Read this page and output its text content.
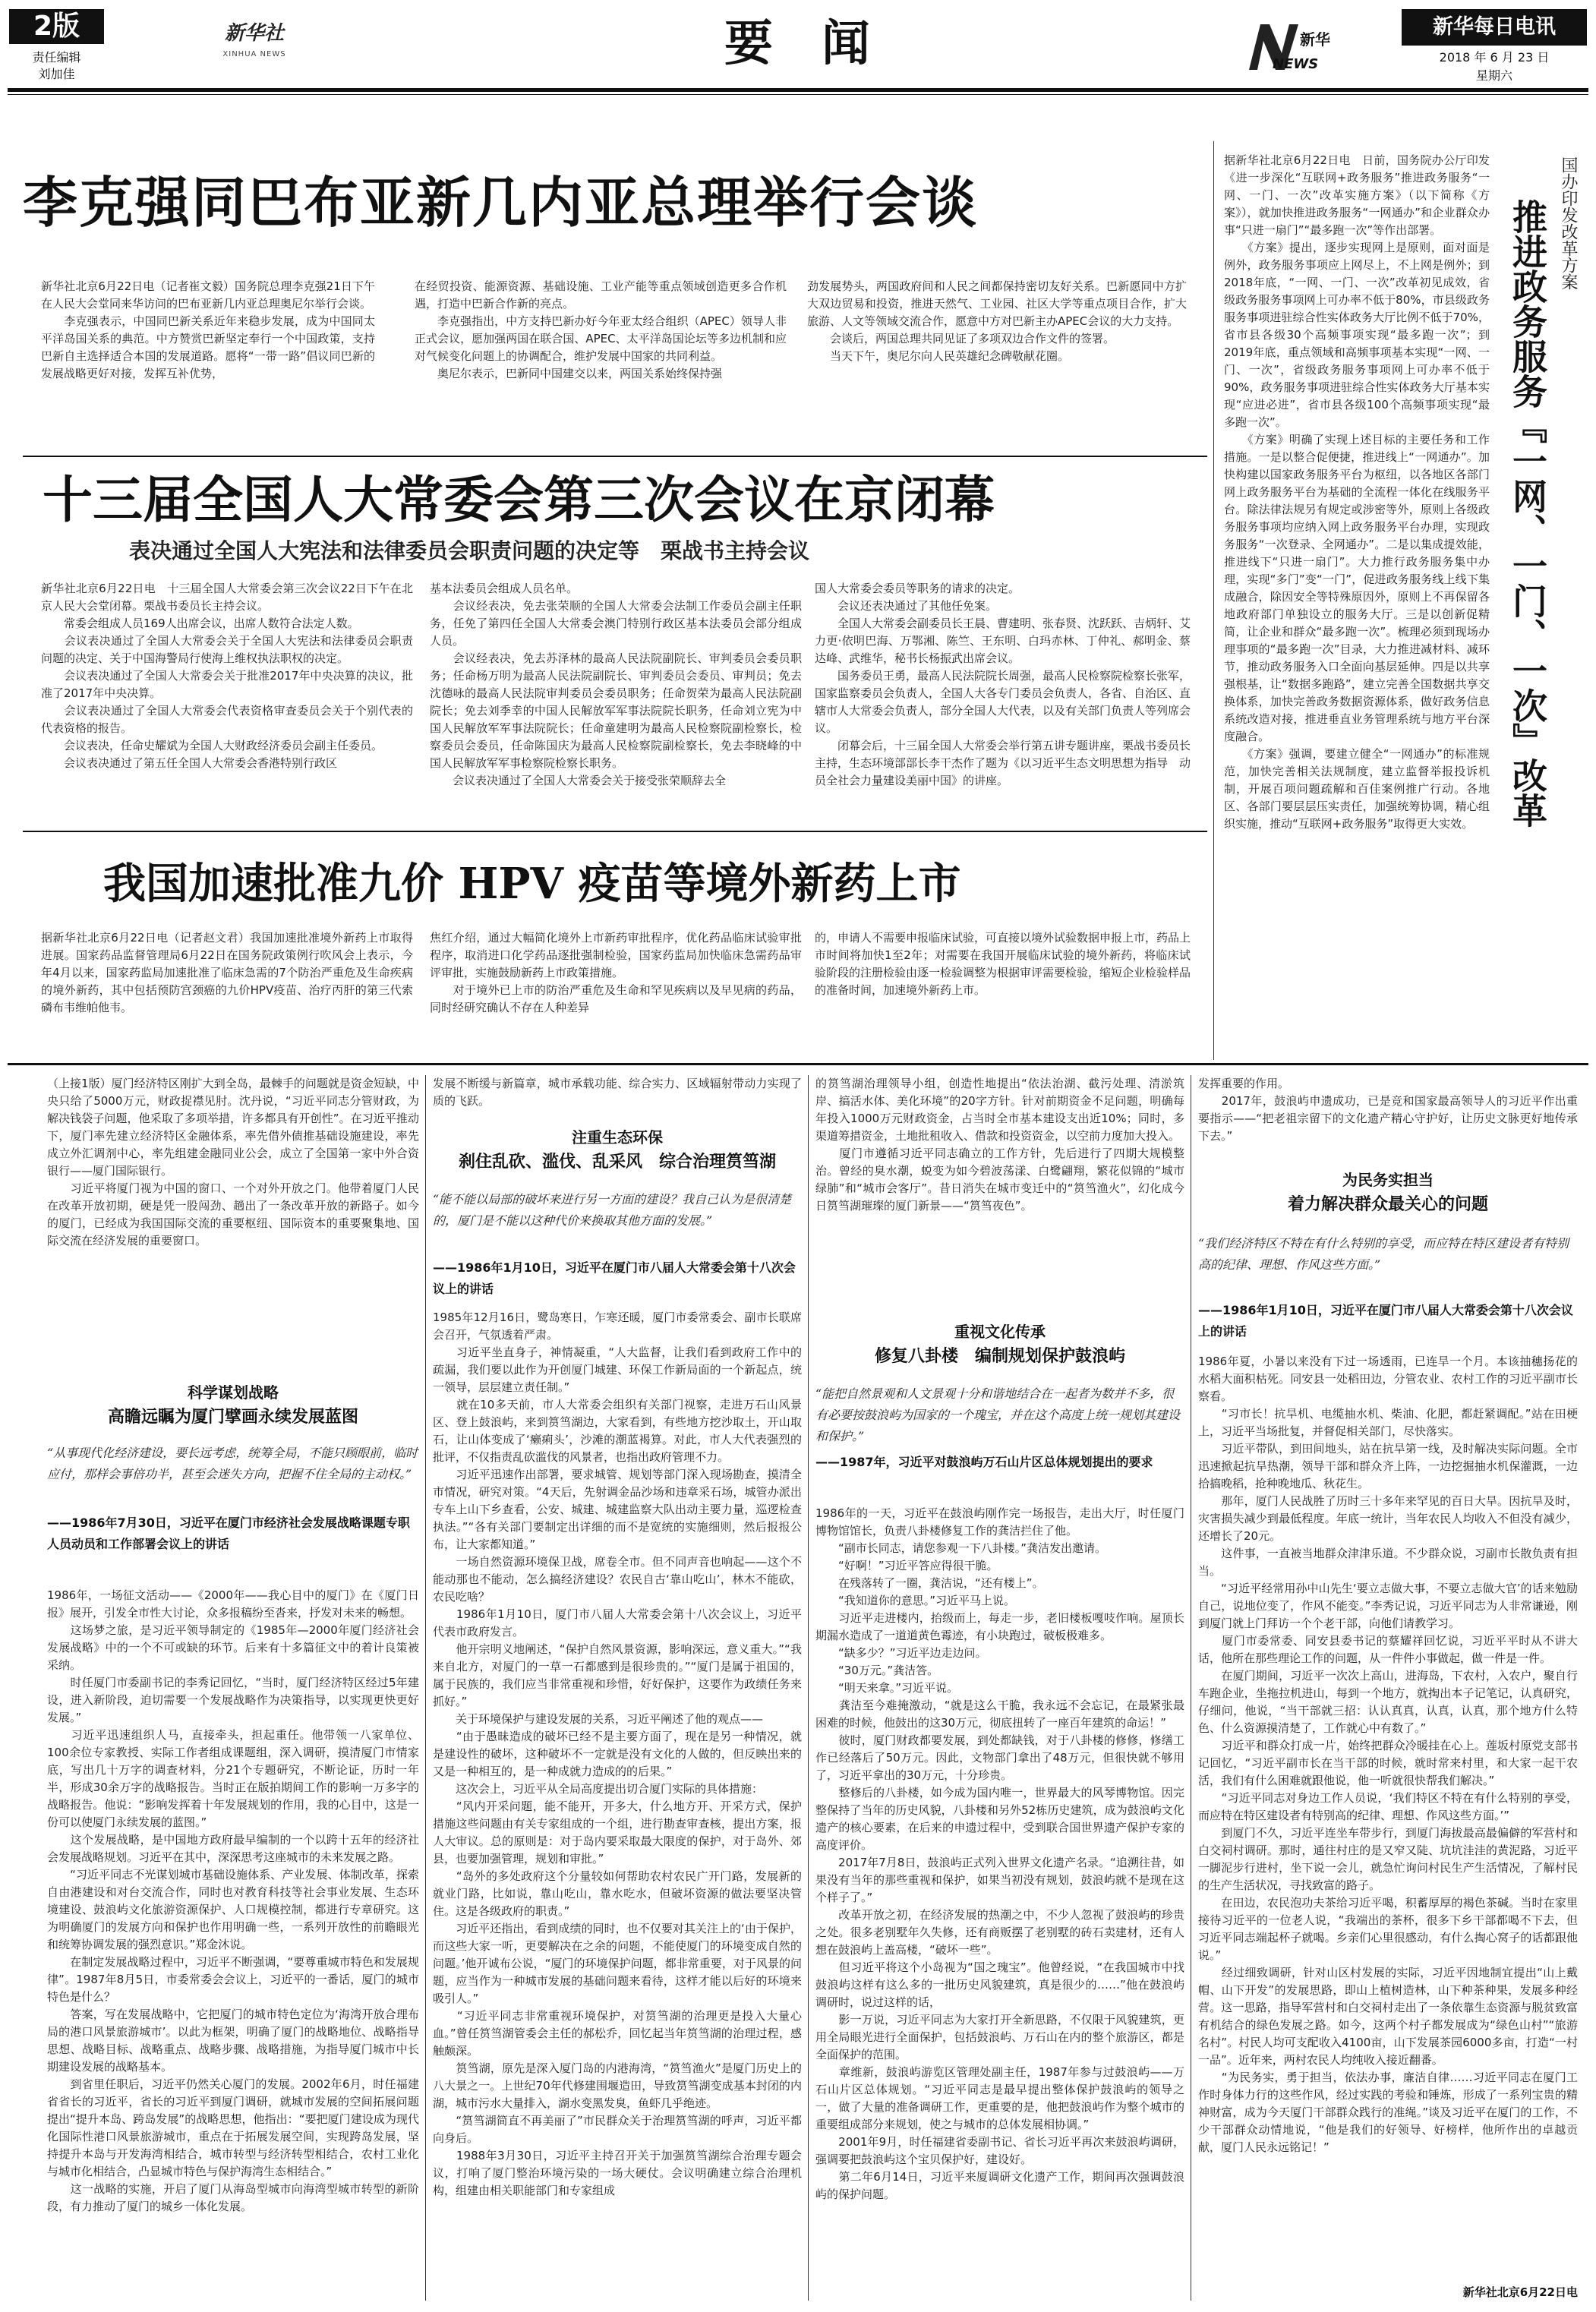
2版
责任编辑
刘加佳
新华社
XINHUA NEWS	要　闻	新华
NEWS
新华每日电讯
2018 年 6 月 23 日
星期六
李克强同巴布亚新几内亚总理举行会谈
新华社北京6月22日电（记者崔文毅）国务院总理李克强21日下午在人民大会堂同来华访问的巴布亚新几内亚总理奥尼尔举行会谈。
　　李克强表示，中国同巴新关系近年来稳步发展，成为中国同太平洋岛国关系的典范。中方赞赏巴新坚定奉行一个中国政策，支持巴新自主选择适合本国的发展道路。愿将“一带一路”倡议同巴新的发展战略更好对接，发挥互补优势，
在经贸投资、能源资源、基础设施、工业产能等重点领域创造更多合作机遇，打造中巴新合作新的亮点。
　　李克强指出，中方支持巴新办好今年亚太经合组织（APEC）领导人非正式会议，愿加强两国在联合国、APEC、太平洋岛国论坛等多边机制和应对气候变化问题上的协调配合，维护发展中国家的共同利益。
　　奥尼尔表示，巴新同中国建交以来，两国关系始终保持强
劲发展势头，两国政府间和人民之间都保持密切友好关系。巴新愿同中方扩大双边贸易和投资，推进天然气、工业园、社区大学等重点项目合作，扩大旅游、人文等领域交流合作，愿意中方对巴新主办APEC会议的大力支持。
　　会谈后，两国总理共同见证了多项双边合作文件的签署。
　　当天下午，奥尼尔向人民英雄纪念碑敬献花圈。
十三届全国人大常委会第三次会议在京闭幕
表决通过全国人大宪法和法律委员会职责问题的决定等　栗战书主持会议
新华社北京6月22日电　十三届全国人大常委会第三次会议22日下午在北京人民大会堂闭幕。栗战书委员长主持会议。
　　常委会组成人员169人出席会议，出席人数符合法定人数。
　　会议表决通过了全国人大常委会关于全国人大宪法和法律委员会职责问题的决定、关于中国海警局行使海上维权执法职权的决定。
　　会议表决通过了全国人大常委会关于批准2017年中央决算的决议，批准了2017年中央决算。
　　会议表决通过了全国人大常委会代表资格审查委员会关于个别代表的代表资格的报告。
　　会议表决，任命史耀斌为全国人大财政经济委员会副主任委员。
　　会议表决通过了第五任全国人大常委会香港特别行政区
基本法委员会组成人员名单。
　　会议经表决，免去张荣顺的全国人大常委会法制工作委员会副主任职务，任免了第四任全国人大常委会澳门特别行政区基本法委员会部分组成人员。
　　会议经表决，免去苏泽林的最高人民法院副院长、审判委员会委员职务；任命杨万明为最高人民法院副院长、审判委员会委员、审判员；免去沈德咏的最高人民法院审判委员会委员职务；任命贺荣为最高人民法院副院长；免去刘季幸的中国人民解放军军事法院院长职务，任命刘立宪为中国人民解放军军事法院院长；任命童建明为最高人民检察院副检察长，检察委员会委员，任命陈国庆为最高人民检察院副检察长，免去李晓峰的中国人民解放军军事检察院检察长职务。
　　会议表决通过了全国人大常委会关于接受张荣顺辞去全
国人大常委会委员等职务的请求的决定。
　　会议还表决通过了其他任免案。
　　全国人大常委会副委员长王晨、曹建明、张春贤、沈跃跃、吉炳轩、艾力更·依明巴海、万鄂湘、陈竺、王东明、白玛赤林、丁仲礼、郝明金、蔡达峰、武维华，秘书长杨振武出席会议。
　　国务委员王勇，最高人民法院院长周强，最高人民检察院检察长张军，国家监察委员会负责人，全国人大各专门委员会负责人，各省、自治区、直辖市人大常委会负责人，部分全国人大代表，以及有关部门负责人等列席会议。
　　闭幕会后，十三届全国人大常委会举行第五讲专题讲座，栗战书委员长主持，生态环境部部长李干杰作了题为《以习近平生态文明思想为指导　动员全社会力量建设美丽中国》的讲座。
我国加速批准九价 HPV 疫苗等境外新药上市
据新华社北京6月22日电（记者赵文君）我国加速批准境外新药上市取得进展。国家药品监督管理局6月22日在国务院政策例行吹风会上表示，今年4月以来，国家药监局加速批准了临床急需的7个防治严重危及生命疾病的境外新药，其中包括预防宫颈癌的九价HPV疫苗、治疗丙肝的第三代索磷布韦维帕他韦。
焦红介绍，通过大幅简化境外上市新药审批程序，优化药品临床试验审批程序，取消进口化学药品逐批强制检验，国家药监局加快临床急需药品审评审批，实施鼓励新药上市政策措施。
　　对于境外已上市的防治严重危及生命和罕见疾病以及早见病的药品，同时经研究确认不存在人种差异
的，申请人不需要申报临床试验，可直接以境外试验数据申报上市，药品上市时间将加快1至2年；对需要在我国开展临床试验的境外新药，将临床试验阶段的注册检验由逐一检验调整为根据审评需要检验，缩短企业检验样品的准备时间，加速境外新药上市。
据新华社北京6月22日电　日前，国务院办公厅印发《进一步深化“互联网+政务服务”推进政务服务“一网、一门、一次”改革实施方案》（以下简称《方案》），就加快推进政务服务“一网通办”和企业群众办事“只进一扇门”“最多跑一次”等作出部署。
　　《方案》提出，逐步实现网上是原则，面对面是例外，政务服务事项应上网尽上，不上网是例外；到2018年底，“一网、一门、一次”改革初见成效，省级政务服务事项网上可办率不低于80%，市县级政务服务事项进驻综合性实体政务大厅比例不低于70%，省市县各级30个高频事项实现“最多跑一次”；到2019年底，重点领域和高频事项基本实现“一网、一门、一次”，省级政务服务事项网上可办率不低于90%，政务服务事项进驻综合性实体政务大厅基本实现“应进必进”，省市县各级100个高频事项实现“最多跑一次”。
　　《方案》明确了实现上述目标的主要任务和工作措施。一是以整合促便捷，推进线上“一网通办”。加快构建以国家政务服务平台为枢纽，以各地区各部门网上政务服务平台为基础的全流程一体化在线服务平台。除法律法规另有规定或涉密等外，原则上各级政务服务事项均应纳入网上政务服务平台办理，实现政务服务“一次登录、全网通办”。二是以集成提效能，推进线下“只进一扇门”。大力推行政务服务集中办理，实现“多门”变“一门”，促进政务服务线上线下集成融合，除因安全等特殊原因外，原则上不再保留各地政府部门单独设立的服务大厅。三是以创新促精简，让企业和群众“最多跑一次”。梳理必须到现场办理事项的“最多跑一次”目录，大力推进减材料、减环节，推动政务服务入口全面向基层延伸。四是以共享强根基，让“数据多跑路”，建立完善全国数据共享交换体系，加快完善政务数据资源体系，做好政务信息系统改造对接，推进垂直业务管理系统与地方平台深度融合。
　　《方案》强调，要建立健全“一网通办”的标准规范，加快完善相关法规制度，建立监督举报投诉机制，开展百项问题疏解和百佳案例推广行动。各地区、各部门要层层压实责任，加强统筹协调，精心组织实施，推动“互联网+政务服务”取得更大实效。
国办印发改革方案
推进政务服务『一网、一门、一次』改革
（上接1版）厦门经济特区刚扩大到全岛，最棘手的问题就是资金短缺，中央只给了5000万元，财政捉襟见肘。沈丹说，“习近平同志分管财政，为解决钱袋子问题，他采取了多项举措，许多都具有开创性”。在习近平推动下，厦门率先建立经济特区金融体系，率先借外债推基础设施建设，率先成立外汇调剂中心，率先组建金融同业公会，成立了全国第一家中外合资银行——厦门国际银行。
　　习近平将厦门视为中国的窗口、一个对外开放之门。他带着厦门人民在改革开放初期，硬是凭一股闯劲、趟出了一条改革开放的新路子。如今的厦门，已经成为我国国际交流的重要枢纽、国际资本的重要聚集地、国际交流在经济发展的重要窗口。
科学谋划战略
高瞻远瞩为厦门擘画永续发展蓝图
“从事现代化经济建设，要长远考虑，统筹全局，不能只顾眼前，临时应付，那样会事倍功半，甚至会迷失方向，把握不住全局的主动权。”
——1986年7月30日，习近平在厦门市经济社会发展战略课题专职人员动员和工作部署会议上的讲话
1986年，一场征文活动——《2000年——我心目中的厦门》在《厦门日报》展开，引发全市性大讨论，众多报稿纷至沓来，抒发对未来的畅想。
　　这场梦之旅，是习近平领导制定的《1985年—2000年厦门经济社会发展战略》中的一个不可或缺的环节。后来有十多篇征文中的着计良策被采纳。
　　时任厦门市委副书记的李秀记回忆，“当时，厦门经济特区经过5年建设，进入新阶段，迫切需要一个发展战略作为决策指导，以实现更快更好发展。”
　　习近平迅速组织人马，直接牵头，担起重任。他带领一八家单位、100余位专家教授、实际工作者组成课题组，深入调研，摸清厦门市情家底，写出几十万字的调查材料，分21个专题研究，不断论证，历时一年半，形成30余万字的战略报告。当时正在版拍期间工作的影响一万多字的战略报告。他说：“影响发挥着十年发展规划的作用，我的心目中，这是一份可以使厦门永续发展的蓝图。”
　　这个发展战略，是中国地方政府最早编制的一个以跨十五年的经济社会发展战略规划。习近平在其中，深深思考这座城市的未来发展之路。
　　“习近平同志不光谋划城市基础设施体系、产业发展、体制改革，探索自由港建设和对台交流合作，同时也对教育科技等社会事业发展、生态环境建设、鼓浪屿文化旅游资源保护、人口规模控制，都进行专章研究。这为明确厦门的发展方向和保护也作用明确一些，一系列开放性的前瞻眼光和统筹协调发展的强烈意识。”郑金沐说。
　　在制定发展战略过程中，习近平不断强调，“要尊重城市特色和发展规律”。1987年8月5日，市委常委会会议上，习近平的一番话，厦门的城市特色是什么？
　　答案，写在发展战略中，它把厦门的城市特色定位为‘海湾开放合理布局的港口风景旅游城市’。以此为框架，明确了厦门的战略地位、战略指导思想、战略目标、战略重点、战略步骤、战略措施，为指导厦门城市中长期建设发展的战略基本。
　　到省里任职后，习近平仍然关心厦门的发展。2002年6月，时任福建省省长的习近平，省长的习近平到厦门调研，就城市发展的空间拓展问题提出“提升本岛、跨岛发展”的战略思想，他指出：“要把厦门建设成为现代化国际性港口风景旅游城市，重点在于拓展发展空间，实现跨岛发展，坚持提升本岛与开发海湾相结合，城市转型与经济转型相结合，农村工业化与城市化相结合，凸显城市特色与保护海湾生态相结合。”
　　这一战略的实施，开启了厦门从海岛型城市向海湾型城市转型的新阶段，有力推动了厦门的城乡一体化发展。
发展不断缓与新篇章，城市承载功能、综合实力、区域辐射带动力实现了质的飞跃。
注重生态环保
刹住乱砍、滥伐、乱采风　综合治理筼筜湖
“能不能以局部的破坏来进行另一方面的建设？我自己认为是很清楚的，厦门是不能以这种代价来换取其他方面的发展。”
——1986年1月10日，习近平在厦门市八届人大常委会第十八次会议上的讲话
1985年12月16日，鹭岛寒日，乍寒还暖，厦门市委常委会、副市长联席会召开，气氛透着严肃。
　　习近平坐直身子，神情凝重，“人大监督，让我们看到政府工作中的疏漏，我们要以此作为开创厦门城建、环保工作新局面的一个新起点，统一领导，层层建立责任制。”
　　就在10多天前，市人大常委会组织有关部门视察，走进万石山风景区、登上鼓浪屿，来到筼筜湖边，大家看到，有些地方挖沙取土，开山取石，让山体变成了‘癞痢头’，沙滩的潮蓝褐算。对此，市人大代表强烈的批评，不仅指责乱砍滥伐的风景者，也指出政府管理不力。
　　习近平迅速作出部署，要求城管、规划等部门深入现场勘查，摸清全市情况，研究对策。“4天后，先射调金品沙场和违章采石场，城管办派出专车上山下乡查看，公安、城建、城建监察大队出动主要力量，巡逻检查执法。”“各有关部门要制定出详细的而不是宽统的实施细则，然后报报公布，让大家都知道。”
　　一场自然资源环境保卫战，席卷全市。但不同声音也响起——这个不能动那也不能动，怎么搞经济建设？农民自古‘靠山吃山’，林木不能砍，农民吃啥？
　　1986年1月10日，厦门市八届人大常委会第十八次会议上，习近平代表市政府发言。
　　他开宗明义地阐述，“保护自然风景资源，影响深远，意义重大。”“我来自北方，对厦门的一草一石都感到是很珍贵的。”“厦门是属于祖国的，属于民族的，我们应当非常重视和珍惜，好好保护，这要作为政绩任务来抓好。”
　　关于环境保护与建设发展的关系，习近平阐述了他的观点——
　　“由于愚昧造成的破坏已经不是主要方面了，现在是另一种情况，就是建设性的破坏，这种破坏不一定就是没有文化的人做的，但反映出来的又是一种相互的，是一种成就力造成的的后果。”
　　这次会上，习近平从全局高度提出切合厦门实际的具体措施：
　　“风内开采问题，能不能开，开多大，什么地方开、开采方式，保护措施这些问题由有关专家组成的一个组，进行勘查审查核，提出方案，报人大审议。总的原则是：对于岛内要采取最大限度的保护，对于岛外、郊县，也要加强管理，规划和审批。”
　　“岛外的多处政府这个分量较如何帮助农村农民广开门路，发展新的就业门路，比如说，靠山吃山，靠水吃水，但破坏资源的做法要坚决管住。这是各级政府的职责。”
　　习近平还指出，看到成绩的同时，也不仅要对其关注上的‘由于保护，而这些大家一听，更要解决在之余的问题，不能使厦门的环境变成自然的问题。’他开诚布公说，“厦门的环境保护问题，都非常重要，对于风景的问题，应当作为一种城市发展的基础问题来看待，这样才能以后好的环境来吸引人。”
　　“习近平同志非常重视环境保护，对筼筜湖的治理更是投入大量心血。”曾任筼筜湖管委会主任的郝松乔，回忆起当年筼筜湖的治理过程，感触颇深。
　　筼筜湖，原先是深入厦门岛的内港海湾，“筼筜渔火”是厦门历史上的八大景之一。上世纪70年代修建围堰造田，导致筼筜湖变成基本封闭的内湖，城市污水大量排入，湖水变黑发臭，鱼虾几乎绝迹。
　　“筼筜湖简直不再美丽了”市民群众关于治理筼筜湖的呼声，习近平都向身后。
　　1988年3月30日，习近平主持召开关于加强筼筜湖综合治理专题会议，打响了厦门整治环境污染的一场大硬仗。会议明确建立综合治理机构，组建由相关职能部门和专家组成
的筼筜湖治理领导小组，创造性地提出“依法治湖、截污处理、清淤筑岸、搞活水体、美化环境”的20字方针。针对前期资金不足问题，明确每年投入1000万元财政资金，占当时全市基本建设支出近10%；同时，多渠道筹措资金，土地批租收入、借款和投资资金，以空前力度加大投入。
　　厦门市遵循习近平同志确立的工作方针，先后进行了四期大规模整治。曾经的臭水潮，蜕变为如今碧波荡漾、白鹭翩翔，繁花似锦的“城市绿肺”和“城市会客厅”。昔日消失在城市变迁中的“筼筜渔火”，幻化成今日筼筜湖璀璨的厦门新景——“筼筜夜色”。
重视文化传承
修复八卦楼　编制规划保护鼓浪屿
“能把自然景观和人文景观十分和谐地结合在一起者为数并不多，很有必要按鼓浪屿为国家的一个瑰宝，并在这个高度上统一规划其建设和保护。”
——1987年，习近平对鼓浪屿万石山片区总体规划提出的要求
1986年的一天，习近平在鼓浪屿刚作完一场报告，走出大厅，时任厦门博物馆馆长，负责八卦楼修复工作的龚洁拦住了他。
　　“副市长同志，请您参观一下八卦楼。”龚洁发出邀请。
　　“好啊！”习近平答应得很干脆。
　　在残落转了一圈，龚洁说，“还有楼上”。
　　“我知道你的意思。”习近平马上说。
　　习近平走进楼内，抬级而上，每走一步，老旧楼板嘎吱作响。屋顶长期漏水造成了一道道黄色霉迹，有小块跑过，破板极难多。
　　“缺多少？”习近平边走边问。
　　“30万元。”龚洁答。
　　“明天来拿。”习近平说。
　　龚洁至今难掩激动，“就是这么干脆，我永远不会忘记，在最紧张最困难的时候，他鼓出的这30万元，彻底扭转了一座百年建筑的命运！”
　　彼时，厦门财政都要发展，到处都缺钱，对于八卦楼的修修，修缮工作已经落后了50万元。因此，文物部门拿出了48万元，但很快就不够用了，习近平拿出的30万元，十分珍贵。
　　整修后的八卦楼，如今成为国内唯一，世界最大的风琴博物馆。因完整保持了当年的历史风貌，八卦楼和另外52栋历史建筑，成为鼓浪屿文化遗产的核心要素，在后来的申遗过程中，受到联合国世界遗产保护专家的高度评价。
　　2017年7月8日，鼓浪屿正式列入世界文化遗产名录。“追溯往昔，如果没有当年的那些重视和保护，如果当初没有规划，鼓浪屿就不是现在这个样子了。”
　　改革开放之初，在经济发展的热潮之中，不少人忽视了鼓浪屿的珍贵之处。很多老别墅年久失修，还有商贩摆了老别墅的砖石卖建材，还有人想在鼓浪屿上盖高楼，“破坏一些”。
　　但习近平将这个小岛视为“国之瑰宝”。他曾经说，“在我国城市中找鼓浪屿这样有这么多的一批历史风貌建筑，真是很少的……”他在鼓浪屿调研时，说过这样的话，
　　影一万说，习近平同志为大家打开全新思路，不仅限于风貌建筑，更用全局眼光进行全面保护，包括鼓浪屿、万石山在内的整个旅游区，都是全面保护的范围。
　　章维新，鼓浪屿游览区管理处副主任，1987年参与过鼓浪屿——万石山片区总体规划。“习近平同志是最早提出整体保护鼓浪屿的领导之一，做了大量的准备调研工作，更重要的是，他把鼓浪屿作为整个城市的重要组成部分来规划，使之与城市的总体发展相协调。”
　　2001年9月，时任福建省委副书记、省长习近平再次来鼓浪屿调研，强调要把鼓浪屿这个宝贝保护好，建设好。
　　第二年6月14日，习近平来厦调研文化遗产工作，期间再次强调鼓浪屿的保护问题。
发挥重要的作用。
　　2017年，鼓浪屿申遗成功，已是竞和国家最高领导人的习近平作出重要指示——“把老祖宗留下的文化遗产精心守护好，让历史文脉更好地传承下去。”
为民务实担当
着力解决群众最关心的问题
“我们经济特区不特在有什么特别的享受，而应特在特区建设者有特别高的纪律、理想、作风这些方面。”
——1986年1月10日，习近平在厦门市八届人大常委会第十八次会议上的讲话
1986年夏，小暑以来没有下过一场透雨，已连旱一个月。本该抽穗扬花的水稻大面积枯死。同安县一处稻田边，分管农业、农村工作的习近平副市长察看。
　　“习市长！抗旱机、电缆抽水机、柴油、化肥，都赶紧调配。”站在田梗上，习近平当场批复，并督促相关部门，尽快落实。
　　习近平带队，到田间地头，站在抗旱第一线，及时解决实际问题。全市迅速掀起抗旱热潮，领导干部和群众齐上阵，一边挖掘抽水机保灌溉，一边拾搞晚稻，抢种晚地瓜、秋花生。
　　那年，厦门人民战胜了历时三十多年来罕见的百日大旱。因抗旱及时，灾害损失减少到最低程度。年底一统计，当年农民人均收入不但没有减少，还增长了20元。
　　这件事，一直被当地群众津津乐道。不少群众说，习副市长散负责有担当。
　　“习近平经常用孙中山先生‘要立志做大事，不要立志做大官’的话来勉励自己，说地位变了，作风不能变。”李秀记说，习近平同志为人非常谦逊，刚到厦门就上门拜访一个个老干部，向他们请教学习。
　　厦门市委常委、同安县委书记的蔡耀祥回忆说，习近平平时从不讲大话，他所在那些理论工作的问题，从一件件小事做起，做一件是一件。
　　在厦门期间，习近平一次次上高山，进海岛，下农村，入农户，聚自行车跑企业，坐拖拉机进山，每到一个地方，就掏出本子记笔记，认真研究，仔细问，他说，“当干部就三招：认认真真，认真，认真，那个地方什么特色、什么资源摸清楚了，工作就心中有数了。”
　　习近平和群众打成一片，始终把群众冷暖挂在心上。莲坂村原党支部书记回忆，“习近平副市长在当干部的时候，就时常来村里，和大家一起干农活，我们有什么困难就跟他说，他一听就很快帮我们解决。”
　　“习近平同志对身边工作人员说，‘我们特区不特在有什么特别的享受，而应特在特区建设者有特别高的纪律、理想、作风这些方面。’”
　　到厦门不久，习近平连坐车带步行，到厦门海拔最高最偏僻的军营村和白交祠村调研。那时，通往村庄的是又窄又陡、坑坑洼洼的黄泥路，习近平一脚泥步行进村，坐下说一会儿，就急忙询问村民生产生活情况，了解村民的生产生活状况，寻找致富的路子。
　　在田边，农民泡功夫茶给习近平喝，积蓄厚厚的褐色茶碱。当时在家里接待习近平的一位老人说，“我端出的茶杯，很多下乡干部都喝不下去，但习近平同志端起杯子就喝。乡亲们心里很感动，有什么掏心窝子的话都跟他说。”
　　经过细致调研，针对山区村发展的实际，习近平因地制宜提出“山上戴帽、山下开发”的发展思路，即山上植树造林，山下种茶种果，发展多种经营。这一思路，指导军营村和白交祠村走出了一条依靠生态资源与脱贫致富有机结合的绿色发展之路。如今，这两个村子都发展成为“绿色山村”“旅游名村”。村民人均可支配收入4100亩，山下发展茶园6000多亩，打造“一村一品”。近年来，两村农民人均纯收入接近翻番。
　　“为民务实，勇于担当，依法办事，廉洁自律……习近平同志在厦门工作时身体力行的这些作风，经过实践的考验和锤炼，形成了一系列宝贵的精神财富，成为今天厦门干部群众践行的准绳。”谈及习近平在厦门的工作，不少干部群众动情地说，“他是我们的好领导、好榜样，他所作出的卓越贡献，厦门人民永远铭记！”
新华社北京6月22日电
